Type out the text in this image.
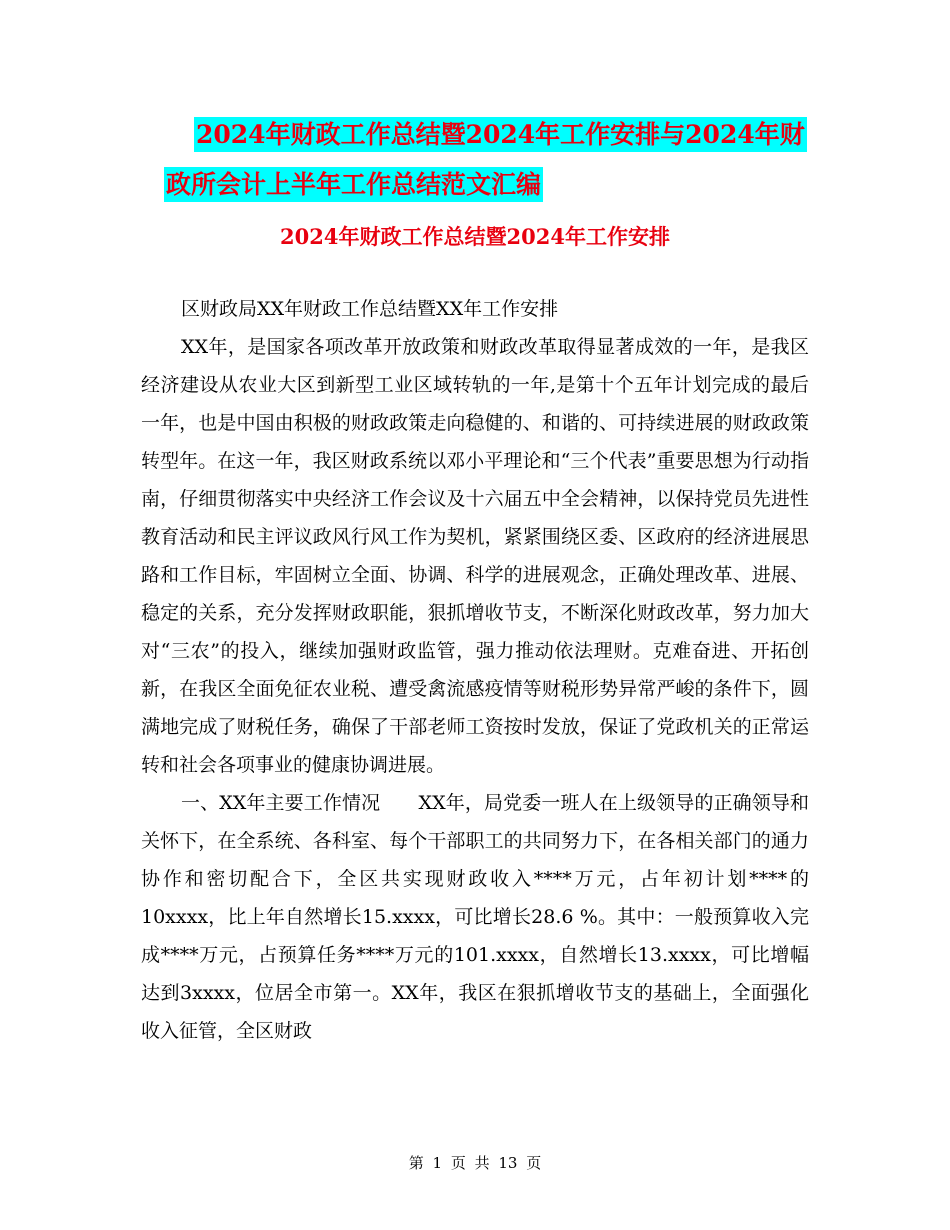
2024年财政工作总结暨2024年工作安排与2024年财
政所会计上半年工作总结范文汇编
2024年财政工作总结暨2024年工作安排

区财政局XX年财政工作总结暨XX年工作安排

XX年，是国家各项改革开放政策和财政改革取得显著成效的一年，是我区经济建设从农业大区到新型工业区域转轨的一年,是第十个五年计划完成的最后一年，也是中国由积极的财政政策走向稳健的、和谐的、可持续进展的财政政策转型年。在这一年，我区财政系统以邓小平理论和“三个代表”重要思想为行动指南，仔细贯彻落实中央经济工作会议及十六届五中全会精神，以保持党员先进性教育活动和民主评议政风行风工作为契机，紧紧围绕区委、区政府的经济进展思路和工作目标，牢固树立全面、协调、科学的进展观念，正确处理改革、进展、稳定的关系，充分发挥财政职能，狠抓增收节支，不断深化财政改革，努力加大对“三农”的投入，继续加强财政监管，强力推动依法理财。克难奋进、开拓创新，在我区全面免征农业税、遭受禽流感疫情等财税形势异常严峻的条件下，圆满地完成了财税任务，确保了干部老师工资按时发放，保证了党政机关的正常运转和社会各项事业的健康协调进展。

一、XX年主要工作情况　　XX年，局党委一班人在上级领导的正确领导和关怀下，在全系统、各科室、每个干部职工的共同努力下，在各相关部门的通力协作和密切配合下，全区共实现财政收入****万元，占年初计划****的10xxxx，比上年自然增长15.xxxx，可比增长28.6 %。其中：一般预算收入完成****万元，占预算任务****万元的101.xxxx，自然增长13.xxxx，可比增幅达到3xxxx，位居全市第一。XX年，我区在狠抓增收节支的基础上，全面强化收入征管，全区财政

第 1 页 共 13 页
